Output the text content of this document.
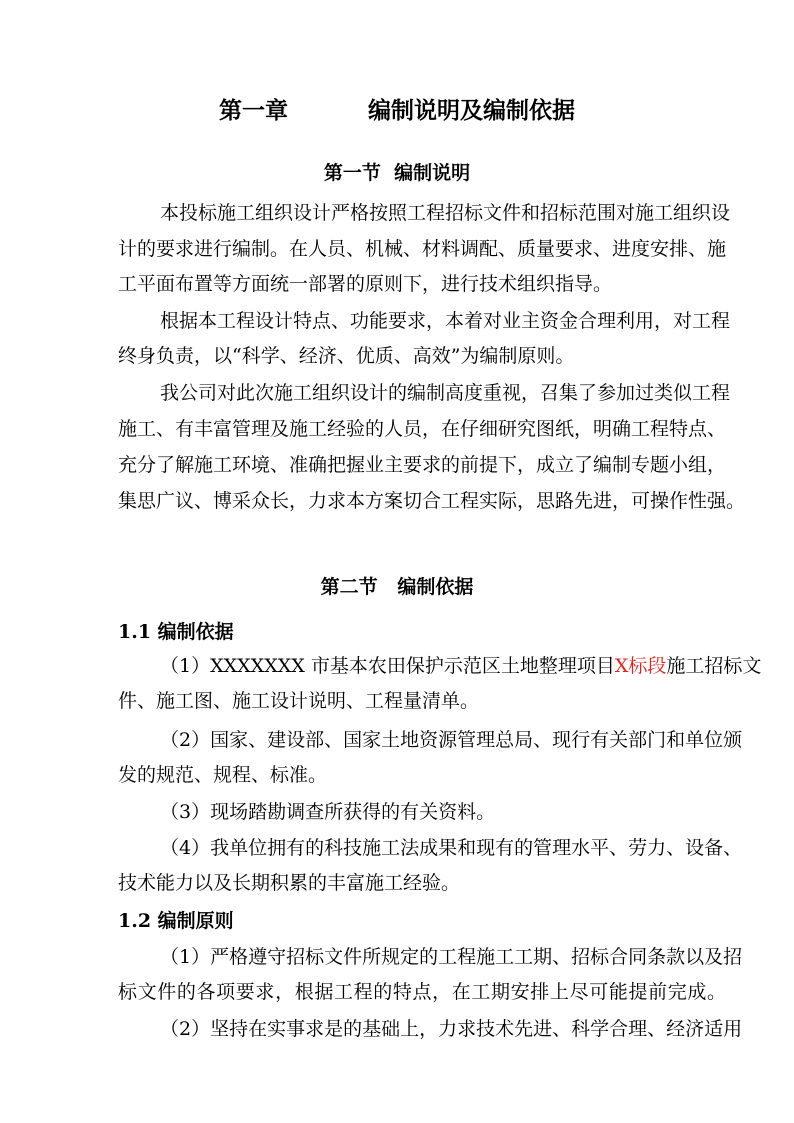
第一章	编制说明及编制依据
第一节  编制说明
本投标施工组织设计严格按照工程招标文件和招标范围对施工组织设
计的要求进行编制。在人员、机械、材料调配、质量要求、进度安排、施
工平面布置等方面统一部署的原则下，进行技术组织指导。
根据本工程设计特点、功能要求，本着对业主资金合理利用，对工程
终身负责，以“科学、经济、优质、高效”为编制原则。
我公司对此次施工组织设计的编制高度重视，召集了参加过类似工程
施工、有丰富管理及施工经验的人员，在仔细研究图纸，明确工程特点、
充分了解施工环境、准确把握业主要求的前提下，成立了编制专题小组，
集思广议、博采众长，力求本方案切合工程实际，思路先进，可操作性强。
第二节   编制依据
1.1 编制依据
（1）XXXXXXX 市基本农田保护示范区土地整理项目X标段施工招标文
件、施工图、施工设计说明、工程量清单。
（2）国家、建设部、国家土地资源管理总局、现行有关部门和单位颁
发的规范、规程、标准。
（3）现场踏勘调查所获得的有关资料。
（4）我单位拥有的科技施工法成果和现有的管理水平、劳力、设备、
技术能力以及长期积累的丰富施工经验。
1.2 编制原则
（1）严格遵守招标文件所规定的工程施工工期、招标合同条款以及招
标文件的各项要求，根据工程的特点，在工期安排上尽可能提前完成。
（2）坚持在实事求是的基础上，力求技术先进、科学合理、经济适用
